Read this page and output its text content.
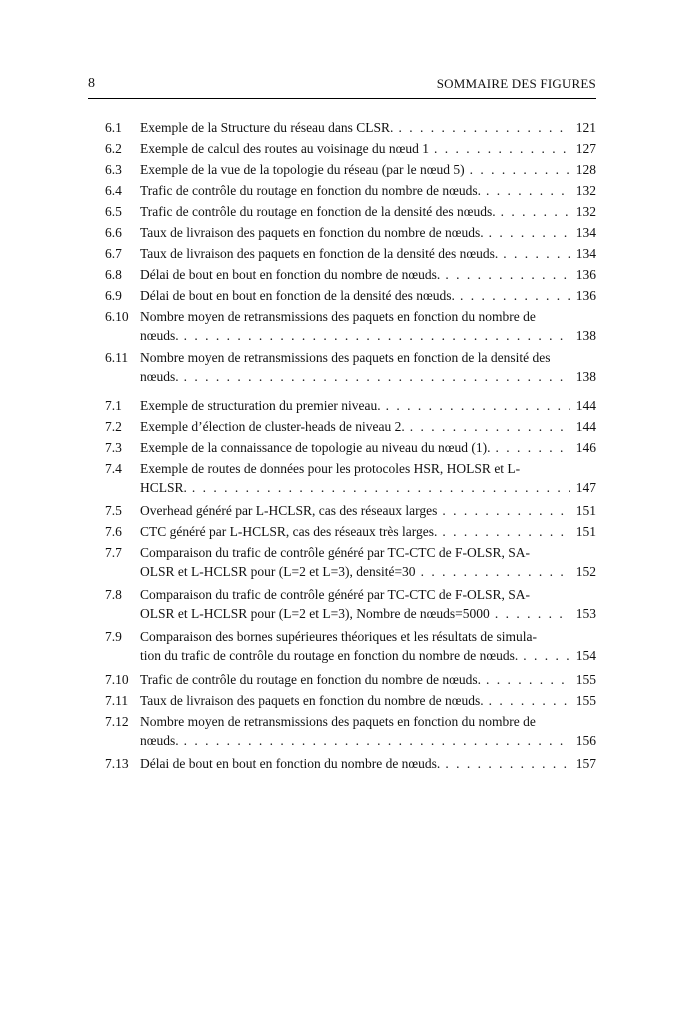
8	SOMMAIRE DES FIGURES
6.1 Exemple de la Structure du réseau dans CLSR. . . .	121
6.2 Exemple de calcul des routes au voisinage du nœud 1 . . .	127
6.3 Exemple de la vue de la topologie du réseau (par le nœud 5) . . .	128
6.4 Trafic de contrôle du routage en fonction du nombre de nœuds. . . .	132
6.5 Trafic de contrôle du routage en fonction de la densité des nœuds. . . .	132
6.6 Taux de livraison des paquets en fonction du nombre de nœuds. . . .	134
6.7 Taux de livraison des paquets en fonction de la densité des nœuds. . . .	134
6.8 Délai de bout en bout en fonction du nombre de nœuds. . . .	136
6.9 Délai de bout en bout en fonction de la densité des nœuds. . . .	136
6.10 Nombre moyen de retransmissions des paquets en fonction du nombre de
nœuds. . . .	138
6.11 Nombre moyen de retransmissions des paquets en fonction de la densité des
nœuds. . . .	138
7.1 Exemple de structuration du premier niveau. . . .	144
7.2 Exemple d’élection de cluster-heads de niveau 2. . . .	144
7.3 Exemple de la connaissance de topologie au niveau du nœud (1). . . .	146
7.4 Exemple de routes de données pour les protocoles HSR, HOLSR et L-
HCLSR. . . .	147
7.5 Overhead généré par L-HCLSR, cas des réseaux larges . . .	151
7.6 CTC généré par L-HCLSR, cas des réseaux très larges. . . .	151
7.7 Comparaison du trafic de contrôle généré par TC-CTC de F-OLSR, SA-
OLSR et L-HCLSR pour (L=2 et L=3), densité=30 . . .	152
7.8 Comparaison du trafic de contrôle généré par TC-CTC de F-OLSR, SA-
OLSR et L-HCLSR pour (L=2 et L=3), Nombre de nœuds=5000 . . .	153
7.9 Comparaison des bornes supérieures théoriques et les résultats de simula-
tion du trafic de contrôle du routage en fonction du nombre de nœuds. . . .	154
7.10 Trafic de contrôle du routage en fonction du nombre de nœuds. . . .	155
7.11 Taux de livraison des paquets en fonction du nombre de nœuds. . . .	155
7.12 Nombre moyen de retransmissions des paquets en fonction du nombre de
nœuds. . . .	156
7.13 Délai de bout en bout en fonction du nombre de nœuds. . . .	157
